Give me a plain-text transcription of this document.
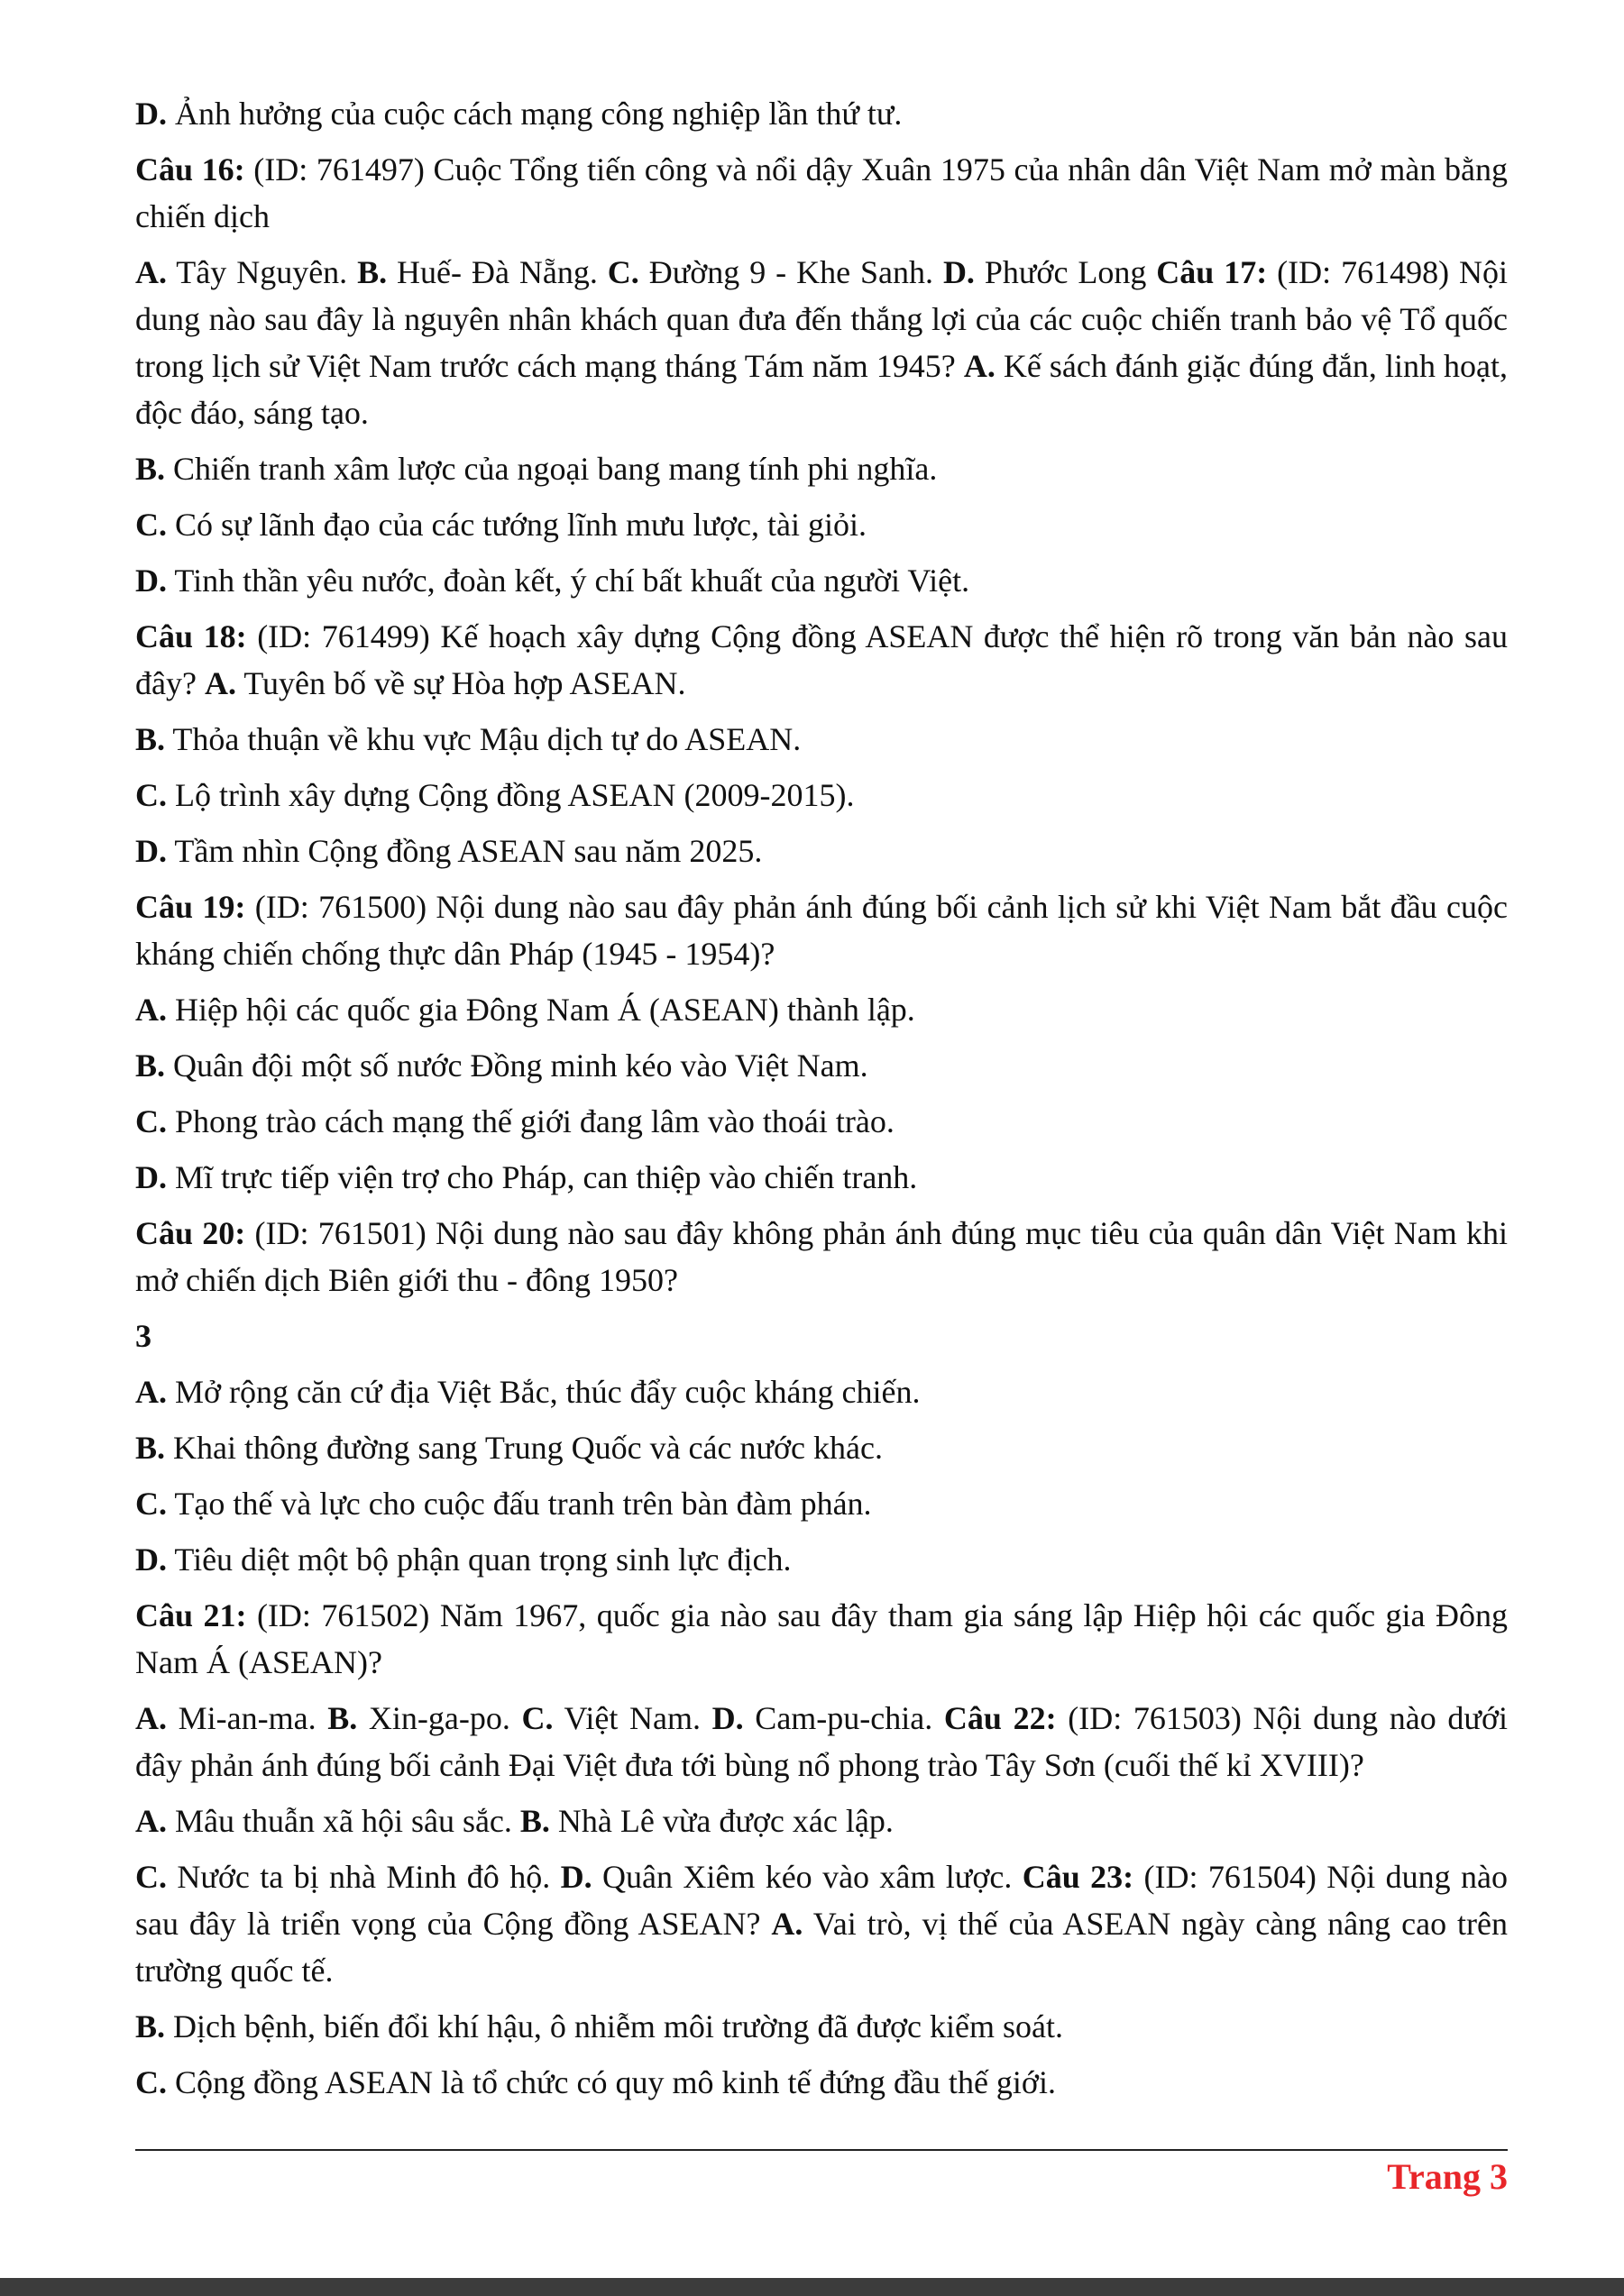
D. Ảnh hưởng của cuộc cách mạng công nghiệp lần thứ tư.

Câu 16: (ID: 761497) Cuộc Tổng tiến công và nổi dậy Xuân 1975 của nhân dân Việt Nam mở màn bằng chiến dịch

A. Tây Nguyên. B. Huế- Đà Nẵng. C. Đường 9 - Khe Sanh. D. Phước Long Câu 17: (ID: 761498) Nội dung nào sau đây là nguyên nhân khách quan đưa đến thắng lợi của các cuộc chiến tranh bảo vệ Tổ quốc trong lịch sử Việt Nam trước cách mạng tháng Tám năm 1945? A. Kế sách đánh giặc đúng đắn, linh hoạt, độc đáo, sáng tạo.

B. Chiến tranh xâm lược của ngoại bang mang tính phi nghĩa.

C. Có sự lãnh đạo của các tướng lĩnh mưu lược, tài giỏi.

D. Tinh thần yêu nước, đoàn kết, ý chí bất khuất của người Việt.

Câu 18: (ID: 761499) Kế hoạch xây dựng Cộng đồng ASEAN được thể hiện rõ trong văn bản nào sau đây? A. Tuyên bố về sự Hòa hợp ASEAN.

B. Thỏa thuận về khu vực Mậu dịch tự do ASEAN.

C. Lộ trình xây dựng Cộng đồng ASEAN (2009-2015).

D. Tầm nhìn Cộng đồng ASEAN sau năm 2025.

Câu 19: (ID: 761500) Nội dung nào sau đây phản ánh đúng bối cảnh lịch sử khi Việt Nam bắt đầu cuộc kháng chiến chống thực dân Pháp (1945 - 1954)?

A. Hiệp hội các quốc gia Đông Nam Á (ASEAN) thành lập.

B. Quân đội một số nước Đồng minh kéo vào Việt Nam.

C. Phong trào cách mạng thế giới đang lâm vào thoái trào.

D. Mĩ trực tiếp viện trợ cho Pháp, can thiệp vào chiến tranh.

Câu 20: (ID: 761501) Nội dung nào sau đây không phản ánh đúng mục tiêu của quân dân Việt Nam khi mở chiến dịch Biên giới thu - đông 1950?

3

A. Mở rộng căn cứ địa Việt Bắc, thúc đẩy cuộc kháng chiến.

B. Khai thông đường sang Trung Quốc và các nước khác.

C. Tạo thế và lực cho cuộc đấu tranh trên bàn đàm phán.

D. Tiêu diệt một bộ phận quan trọng sinh lực địch.

Câu 21: (ID: 761502) Năm 1967, quốc gia nào sau đây tham gia sáng lập Hiệp hội các quốc gia Đông Nam Á (ASEAN)?

A. Mi-an-ma. B. Xin-ga-po. C. Việt Nam. D. Cam-pu-chia. Câu 22: (ID: 761503) Nội dung nào dưới đây phản ánh đúng bối cảnh Đại Việt đưa tới bùng nổ phong trào Tây Sơn (cuối thế kỉ XVIII)?

A. Mâu thuẫn xã hội sâu sắc. B. Nhà Lê vừa được xác lập.

C. Nước ta bị nhà Minh đô hộ. D. Quân Xiêm kéo vào xâm lược. Câu 23: (ID: 761504) Nội dung nào sau đây là triển vọng của Cộng đồng ASEAN? A. Vai trò, vị thế của ASEAN ngày càng nâng cao trên trường quốc tế.

B. Dịch bệnh, biến đổi khí hậu, ô nhiễm môi trường đã được kiểm soát.

C. Cộng đồng ASEAN là tổ chức có quy mô kinh tế đứng đầu thế giới.

Trang 3
